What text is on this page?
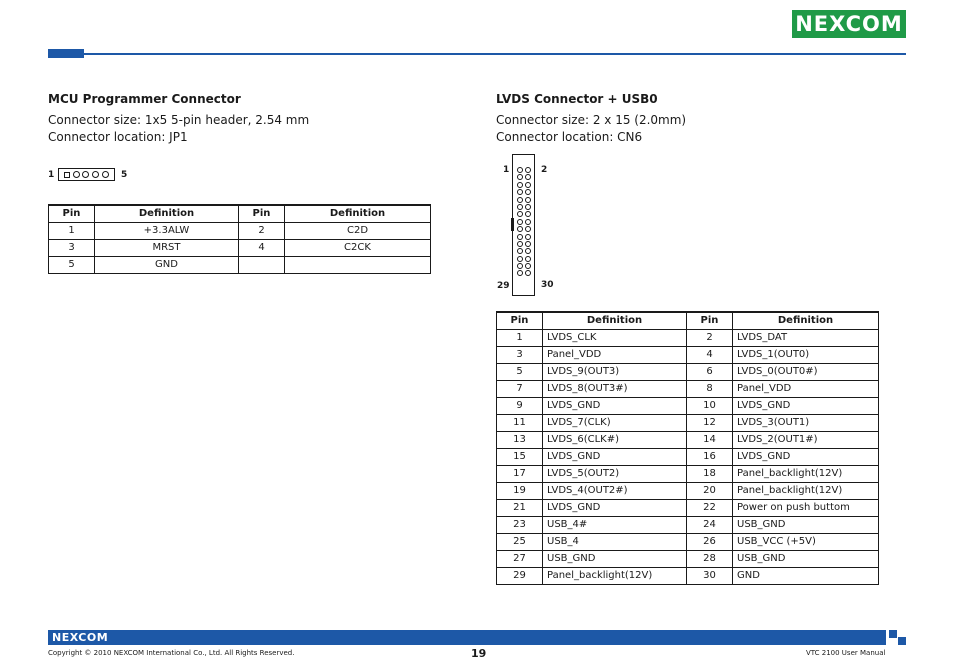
NEXCOM
MCU Programmer Connector
Connector size: 1x5 5-pin header, 2.54 mm
Connector location: JP1
1	5
Pin	Definition	Pin	Definition
1	+3.3ALW	2	C2D
3	MRST	4	C2CK
5	GND		
LVDS Connector + USB0
Connector size: 2 x 15 (2.0mm)
Connector location: CN6
1	2
29	30
Pin	Definition	Pin	Definition
1	LVDS_CLK	2	LVDS_DAT
3	Panel_VDD	4	LVDS_1(OUT0)
5	LVDS_9(OUT3)	6	LVDS_0(OUT0#)
7	LVDS_8(OUT3#)	8	Panel_VDD
9	LVDS_GND	10	LVDS_GND
11	LVDS_7(CLK)	12	LVDS_3(OUT1)
13	LVDS_6(CLK#)	14	LVDS_2(OUT1#)
15	LVDS_GND	16	LVDS_GND
17	LVDS_5(OUT2)	18	Panel_backlight(12V)
19	LVDS_4(OUT2#)	20	Panel_backlight(12V)
21	LVDS_GND	22	Power on push buttom
23	USB_4#	24	USB_GND
25	USB_4	26	USB_VCC (+5V)
27	USB_GND	28	USB_GND
29	Panel_backlight(12V)	30	GND
NEXCOM
Copyright © 2010 NEXCOM International Co., Ltd. All Rights Reserved.	19	VTC 2100 User Manual
